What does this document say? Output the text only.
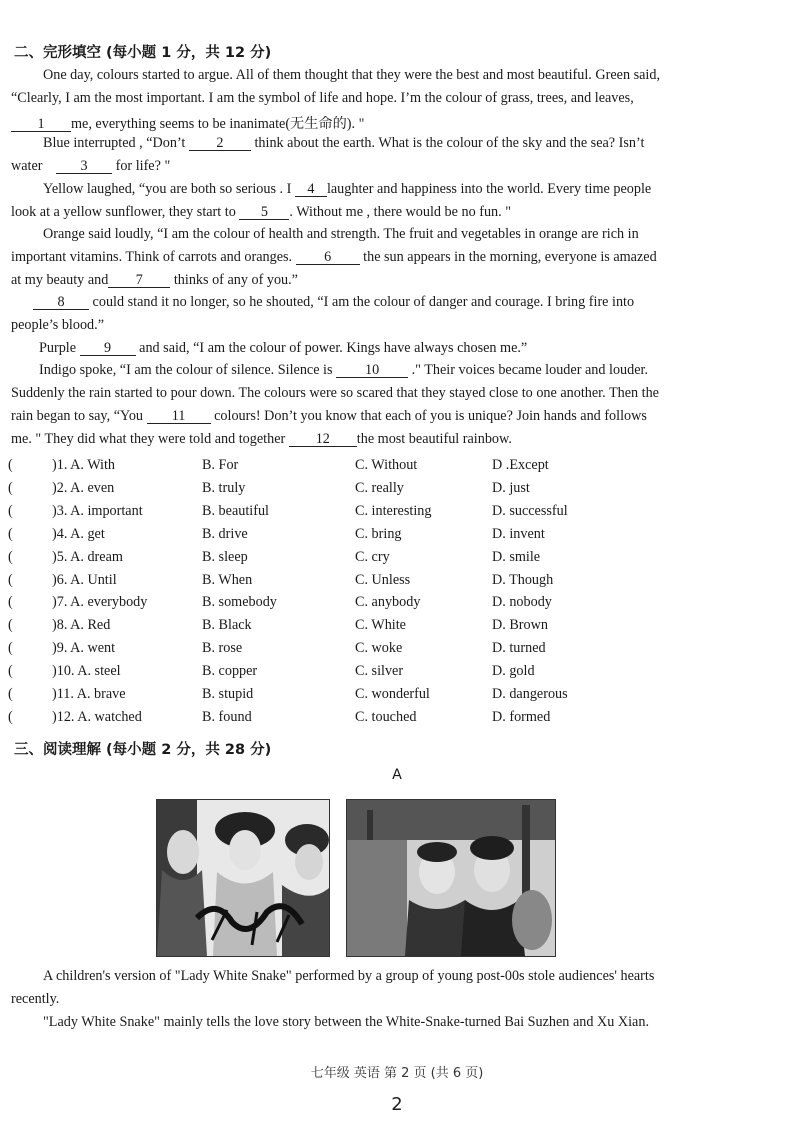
二、完形填空 (每小题 1 分，共 12 分)
One day, colours started to argue. All of them thought that they were the best and most beautiful. Green said,
“Clearly, I am the most important. I am the symbol of life and hope. I’m the colour of grass, trees, and leaves,
1 me, everything seems to be inanimate(无生命的). "
Blue interrupted , “Don’t 2 think about the earth. What is the colour of the sky and the sea? Isn’t
water	3 for life? "
Yellow laughed, “you are both so serious . I 4 laughter and happiness into the world. Every time people
look at a yellow sunflower, they start to 5 . Without me , there would be no fun. "
Orange said loudly, “I am the colour of health and strength. The fruit and vegetables in orange are rich in
important vitamins. Think of carrots and oranges. 6 the sun appears in the morning, everyone is amazed
at my beauty and 7 thinks of any of you.”
8 could stand it no longer, so he shouted, “I am the colour of danger and courage. I bring fire into
people’s blood.”
Purple 9 and said, “I am the colour of power. Kings have always chosen me.”
Indigo spoke, “I am the colour of silence. Silence is 10 ." Their voices became louder and louder.
Suddenly the rain started to pour down. The colours were so scared that they stayed close to one another. Then the
rain began to say, “You 11 colours! Don’t you know that each of you is unique? Join hands and follows
me. " They did what they were told and together 12 the most beautiful rainbow.
(	)1. A. With	B. For	C. Without	D .Except
(	)2. A. even	B. truly	C. really	D. just
(	)3. A. important	B. beautiful	C. interesting	D. successful
(	)4. A. get	B. drive	C. bring	D. invent
(	)5. A. dream	B. sleep	C. cry	D. smile
(	)6. A. Until	B. When	C. Unless	D. Though
(	)7. A. everybody	B. somebody	C. anybody	D. nobody
(	)8. A. Red	B. Black	C. White	D. Brown
(	)9. A. went	B. rose	C. woke	D. turned
(	)10. A. steel	B. copper	C. silver	D. gold
(	)11. A. brave	B. stupid	C. wonderful	D. dangerous
(	)12. A. watched	B. found	C. touched	D. formed
三、阅读理解 (每小题 2 分，共 28 分)
A
A children's version of "Lady White Snake" performed by a group of young post-00s stole audiences' hearts
recently.
"Lady White Snake" mainly tells the love story between the White-Snake-turned Bai Suzhen and Xu Xian.
七年级 英语 第 2 页 (共 6 页)
2
